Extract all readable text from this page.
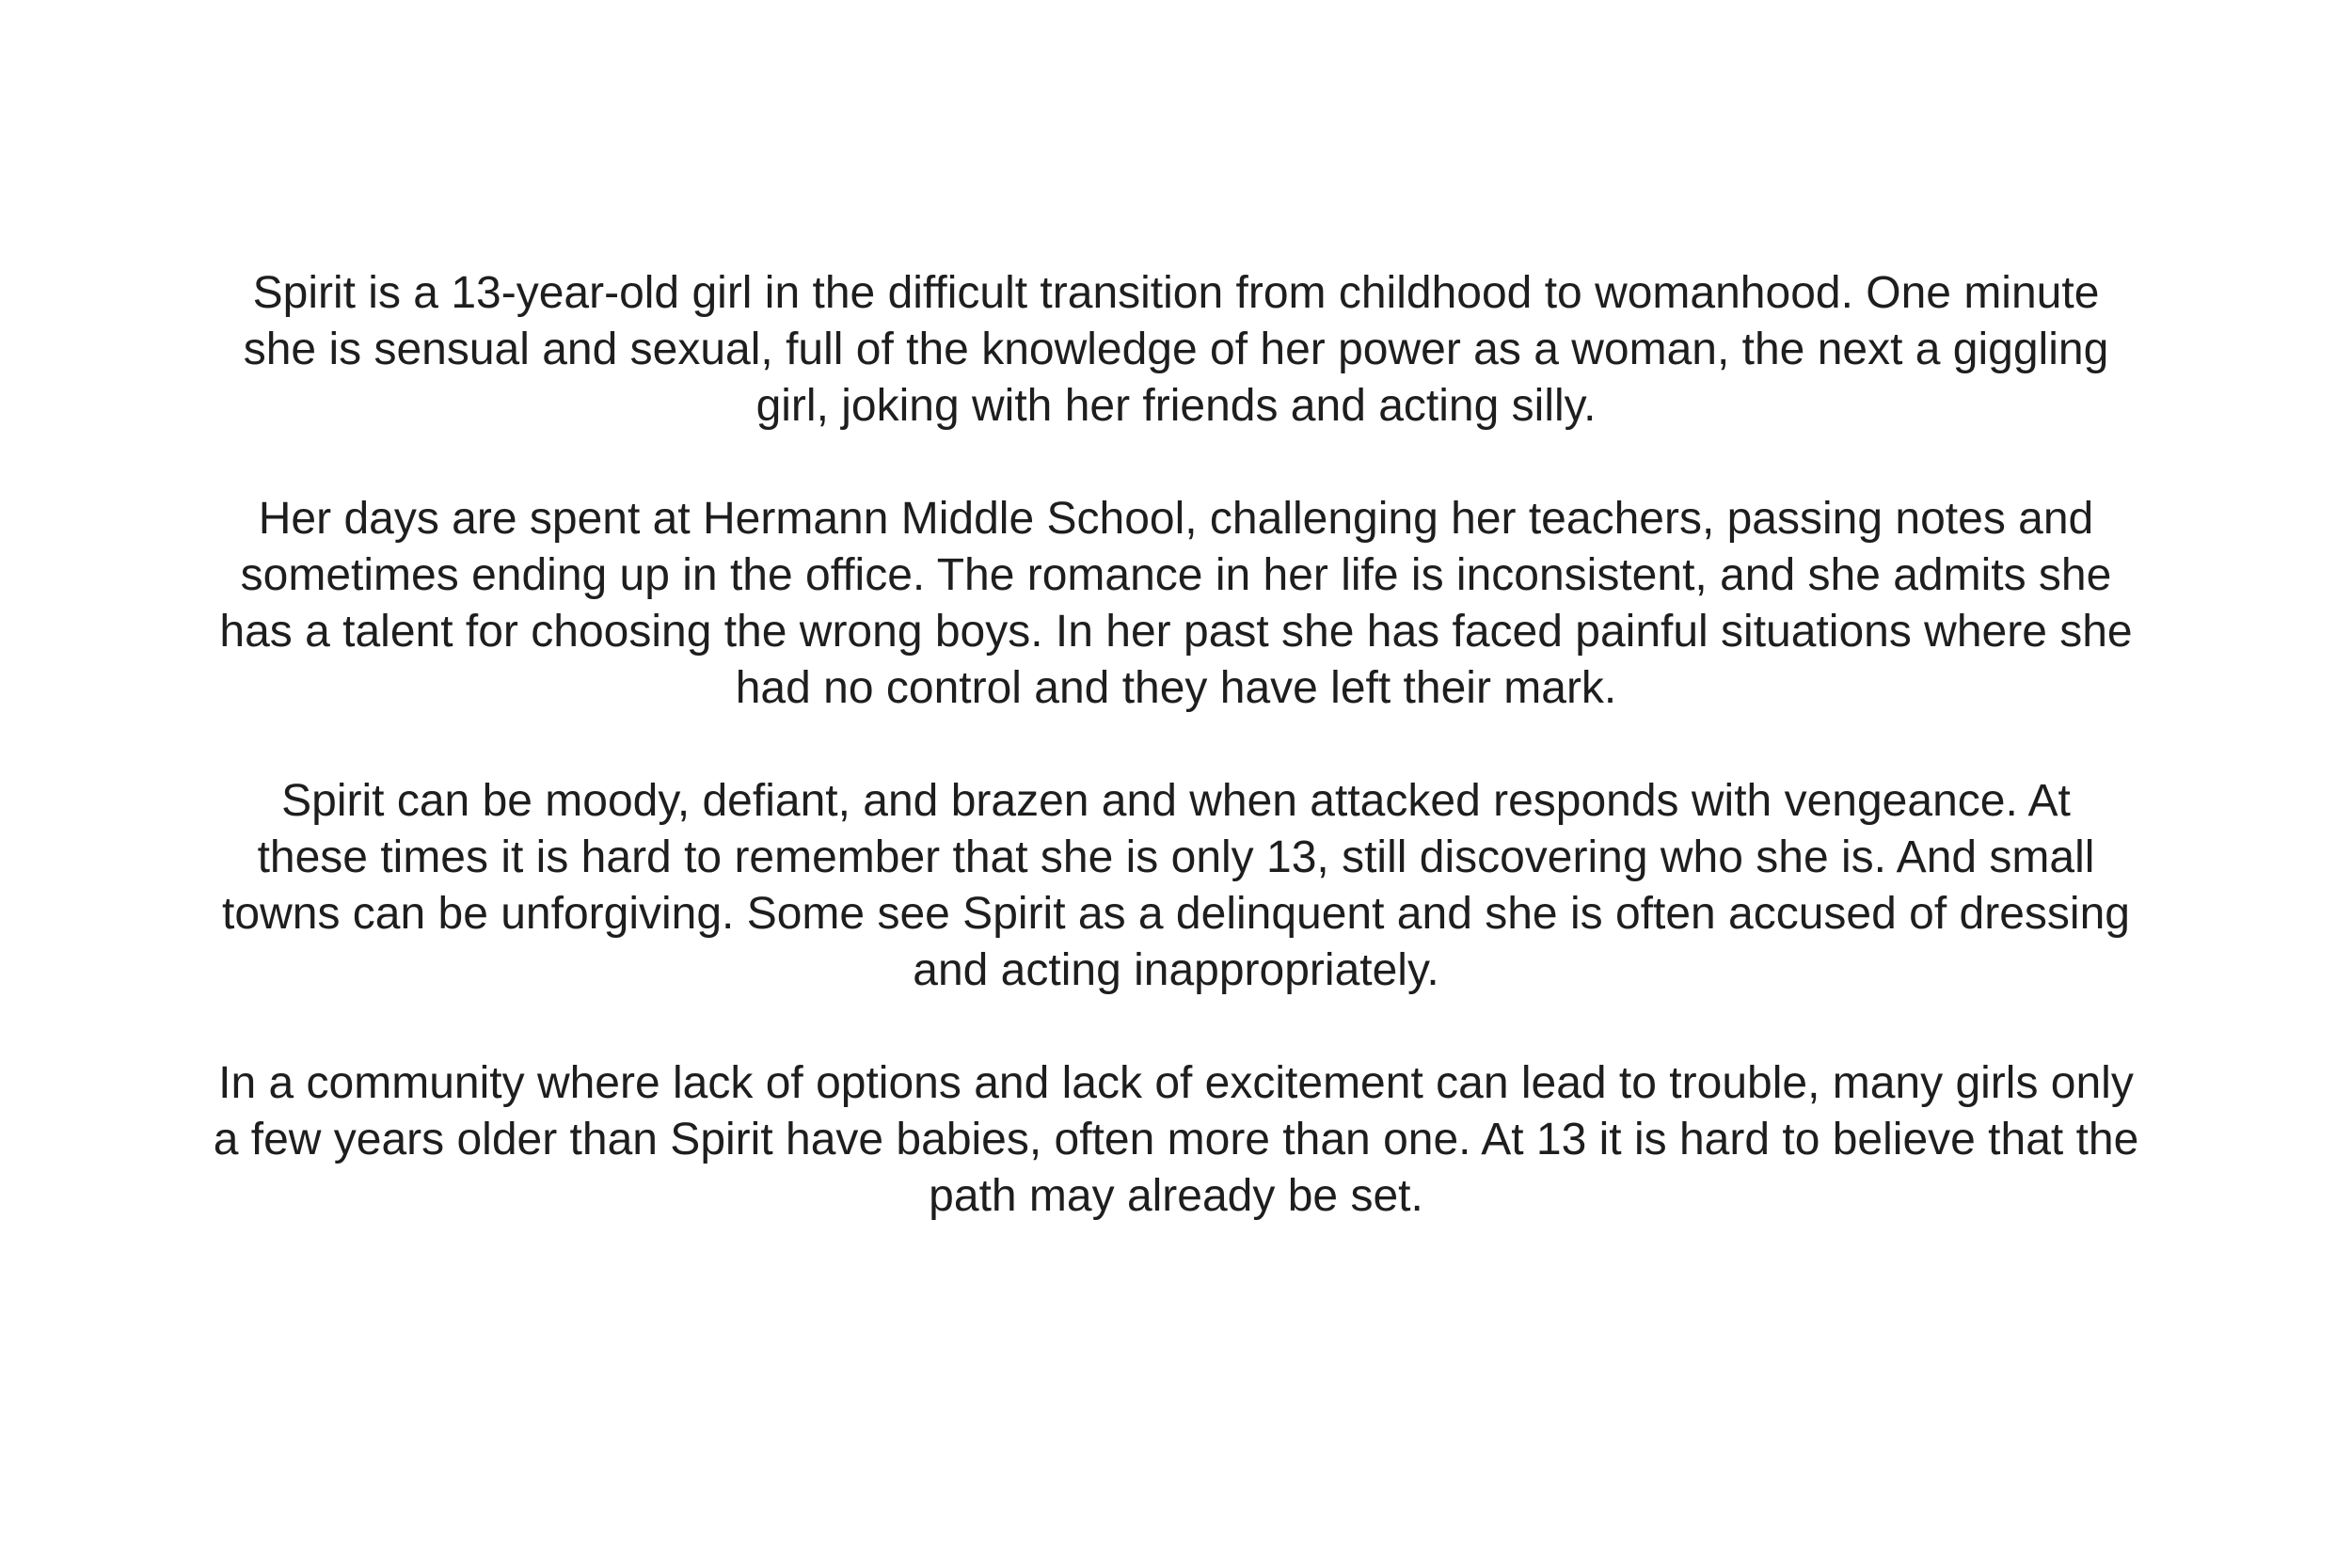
Spirit is a 13-year-old girl in the difficult transition from childhood to womanhood. One minute
she is sensual and sexual, full of the knowledge of her power as a woman, the next a giggling
girl, joking with her friends and acting silly.

Her days are spent at Hermann Middle School, challenging her teachers, passing notes and
sometimes ending up in the office. The romance in her life is inconsistent, and she admits she
has a talent for choosing the wrong boys. In her past she has faced painful situations where she
had no control and they have left their mark.

Spirit can be moody, defiant, and brazen and when attacked responds with vengeance. At
these times it is hard to remember that she is only 13, still discovering who she is. And small
towns can be unforgiving. Some see Spirit as a delinquent and she is often accused of dressing
and acting inappropriately.

In a community where lack of options and lack of excitement can lead to trouble, many girls only
a few years older than Spirit have babies, often more than one. At 13 it is hard to believe that the
path may already be set.
